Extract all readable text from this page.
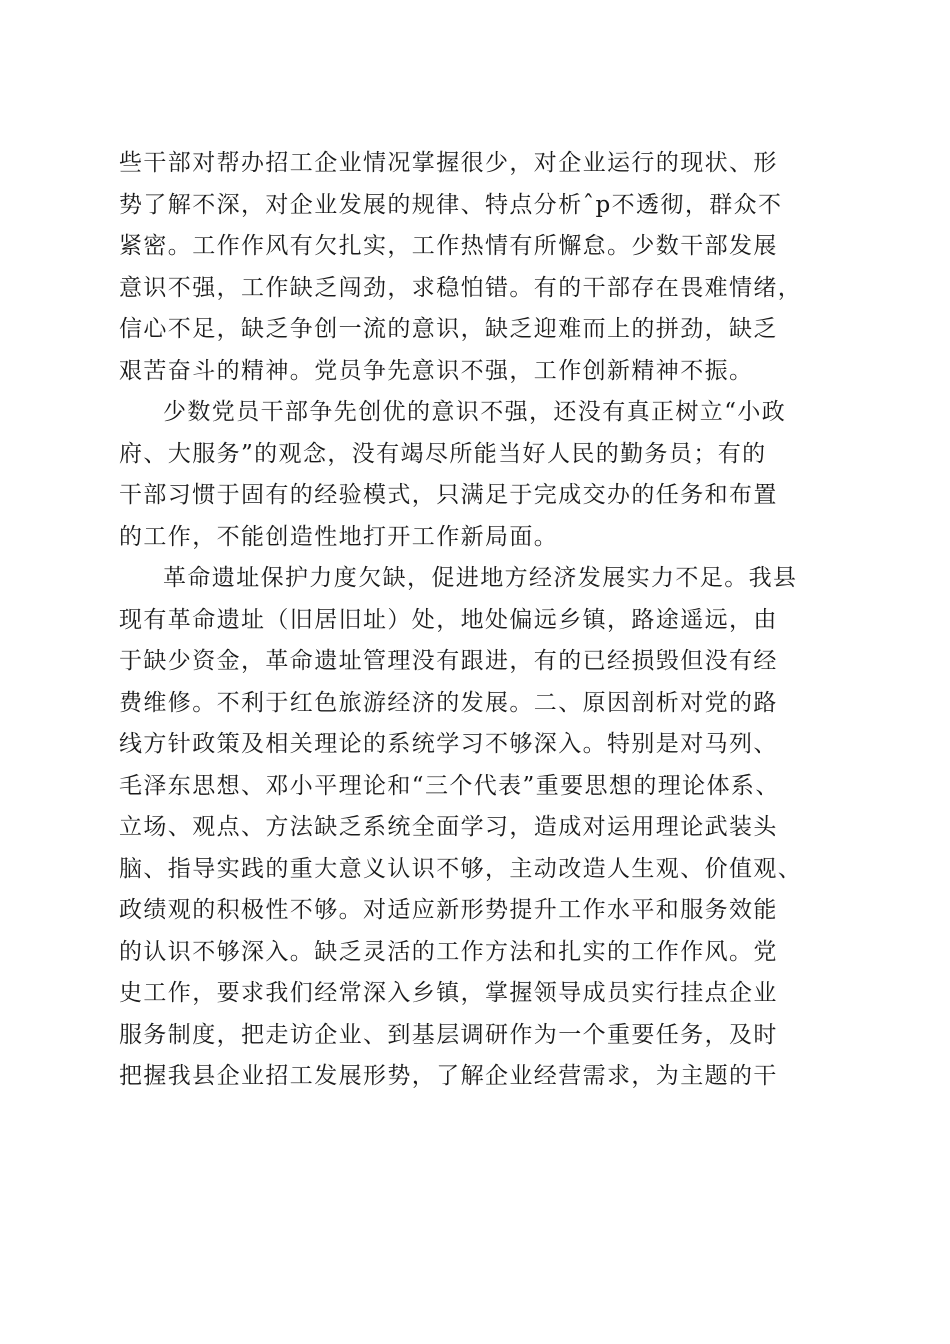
些干部对帮办招工企业情况掌握很少，对企业运行的现状、形
势了解不深，对企业发展的规律、特点分析ˆp不透彻，群众不
紧密。工作作风有欠扎实，工作热情有所懈怠。少数干部发展
意识不强，工作缺乏闯劲，求稳怕错。有的干部存在畏难情绪，
信心不足，缺乏争创一流的意识，缺乏迎难而上的拼劲，缺乏
艰苦奋斗的精神。党员争先意识不强，工作创新精神不振。
少数党员干部争先创优的意识不强，还没有真正树立“小政
府、大服务”的观念，没有竭尽所能当好人民的勤务员；有的
干部习惯于固有的经验模式，只满足于完成交办的任务和布置
的工作，不能创造性地打开工作新局面。
革命遗址保护力度欠缺，促进地方经济发展实力不足。我县
现有革命遗址（旧居旧址）处，地处偏远乡镇，路途遥远，由
于缺少资金，革命遗址管理没有跟进，有的已经损毁但没有经
费维修。不利于红色旅游经济的发展。二、原因剖析对党的路
线方针政策及相关理论的系统学习不够深入。特别是对马列、
毛泽东思想、邓小平理论和“三个代表”重要思想的理论体系、
立场、观点、方法缺乏系统全面学习，造成对运用理论武装头
脑、指导实践的重大意义认识不够，主动改造人生观、价值观、
政绩观的积极性不够。对适应新形势提升工作水平和服务效能
的认识不够深入。缺乏灵活的工作方法和扎实的工作作风。党
史工作，要求我们经常深入乡镇，掌握领导成员实行挂点企业
服务制度，把走访企业、到基层调研作为一个重要任务，及时
把握我县企业招工发展形势，了解企业经营需求，为主题的干
